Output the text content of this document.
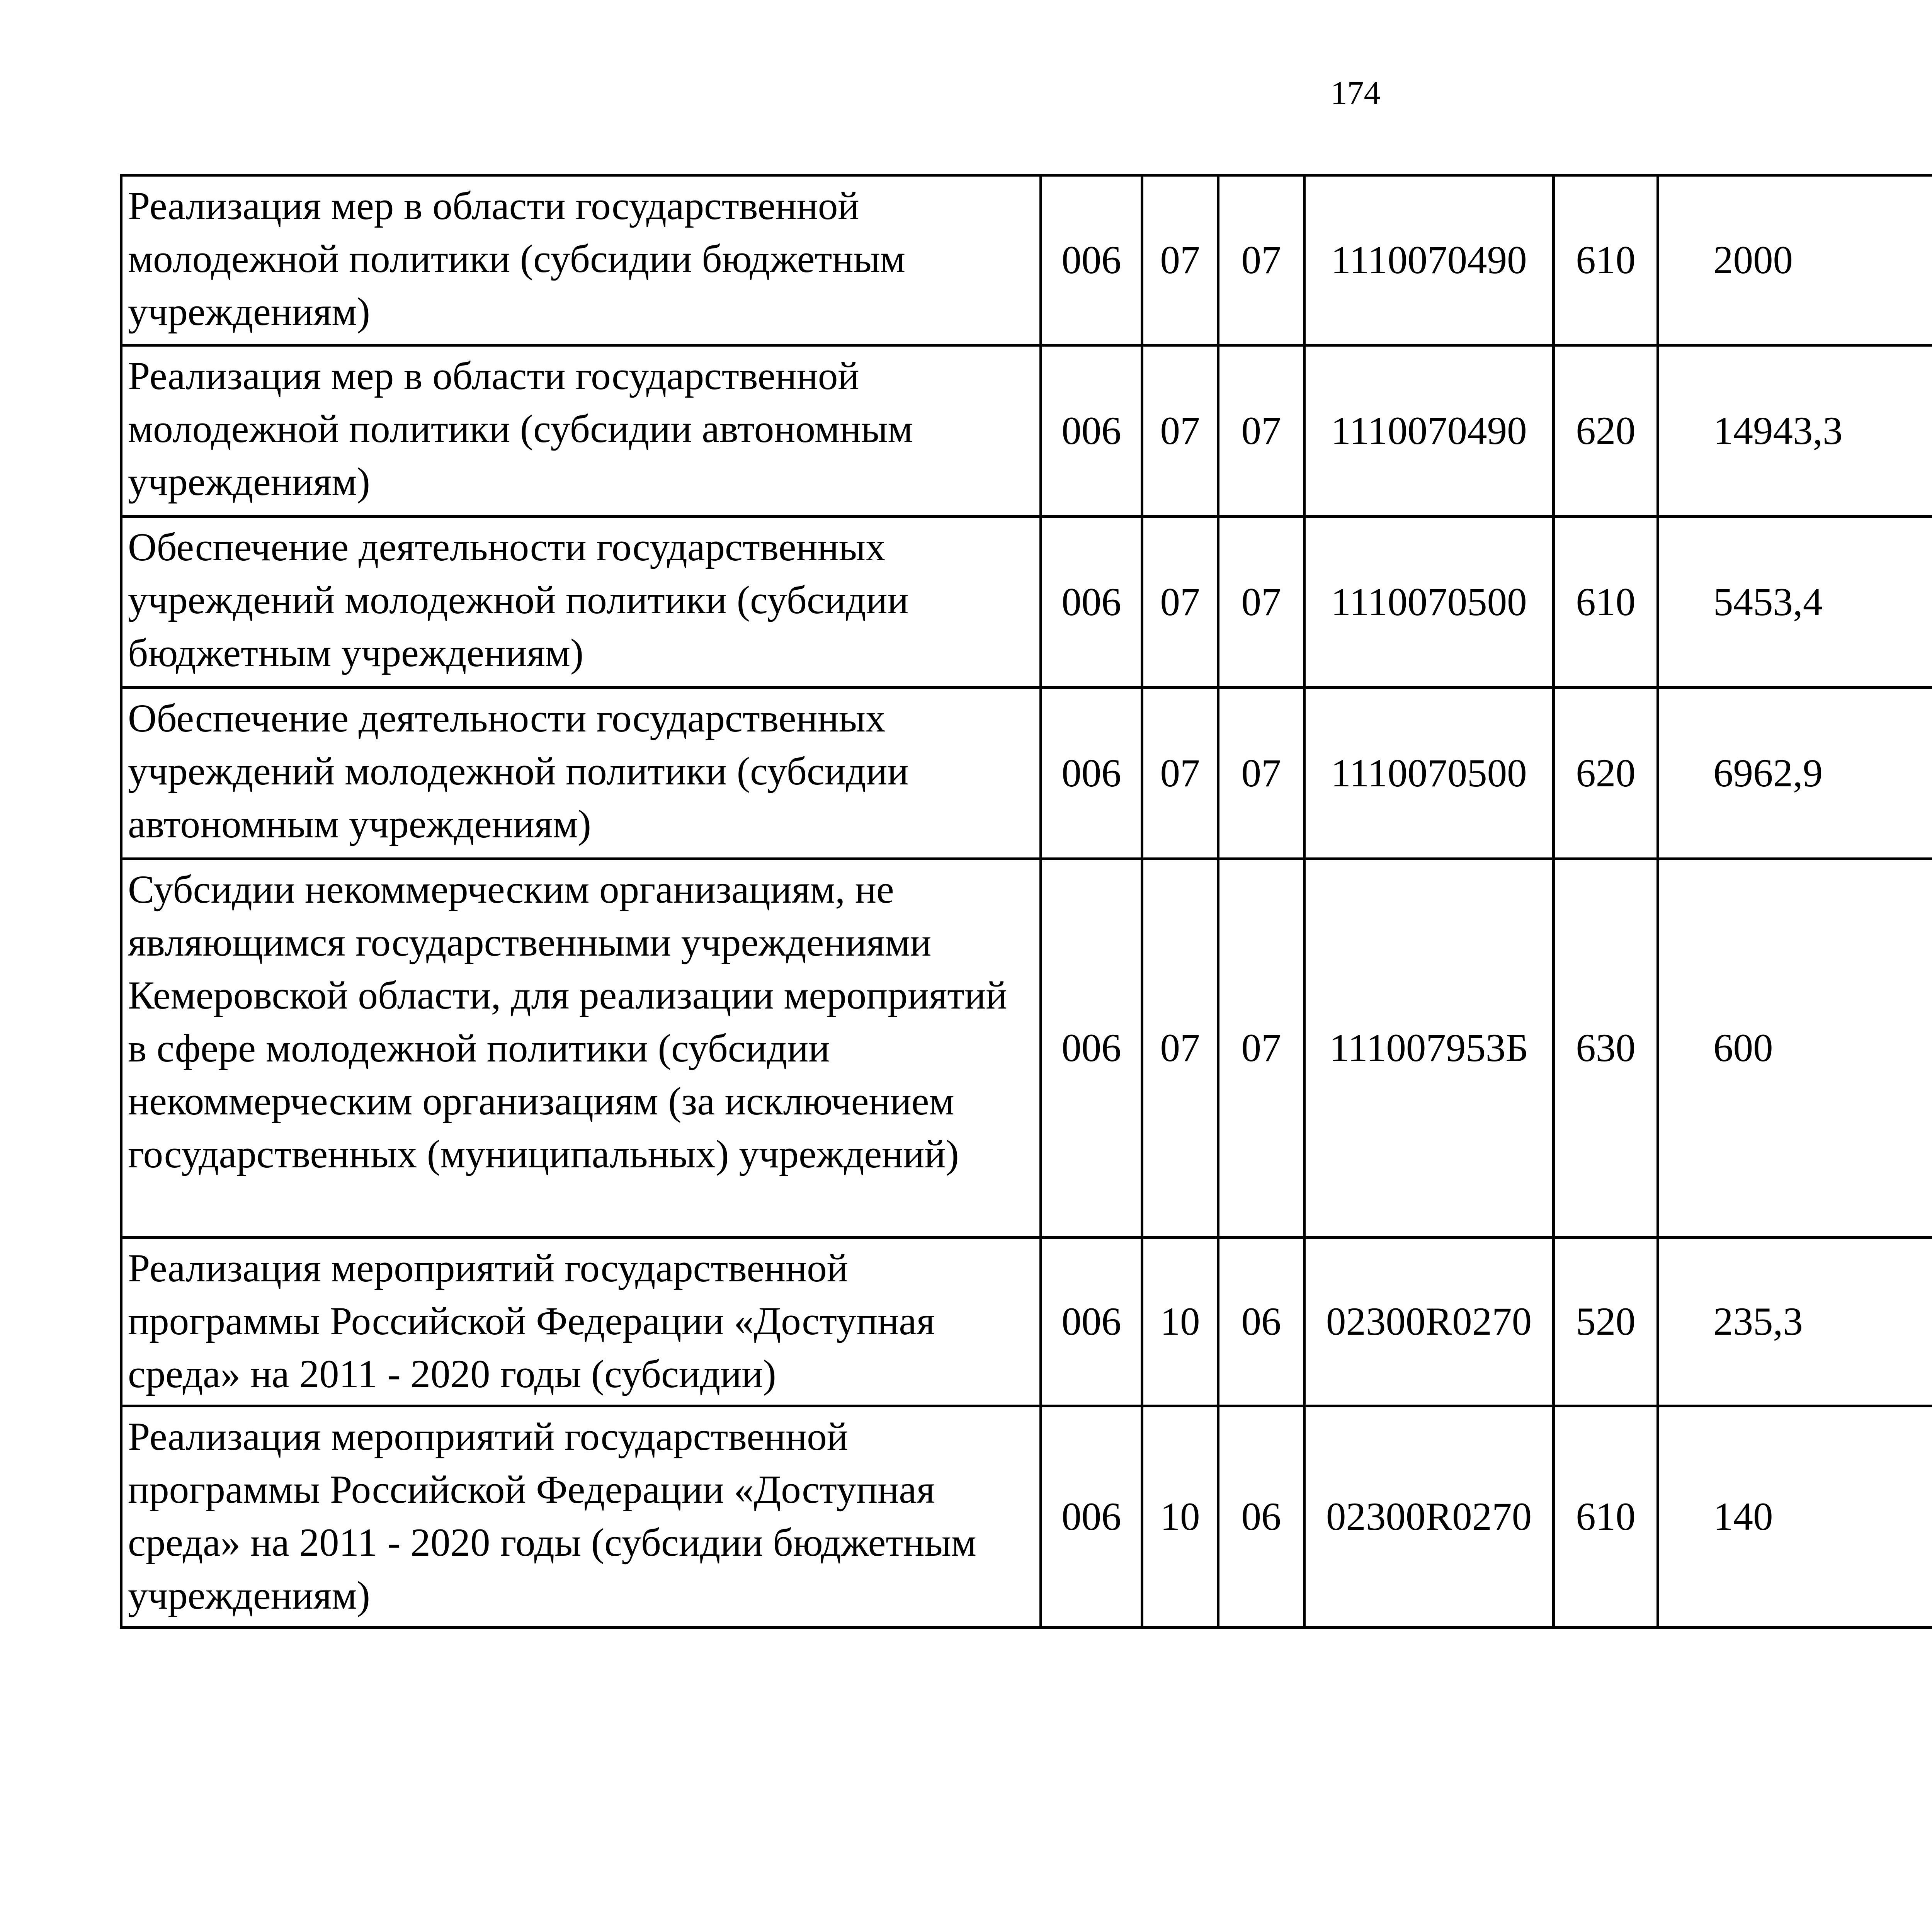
174
Реализация мер в области государственной молодежной политики (субсидии бюджетным учреждениям)	006	07	07	1110070490	610	2000		
Реализация мер в области государственной молодежной политики (субсидии автономным учреждениям)	006	07	07	1110070490	620	14943,3		
Обеспечение деятельности государственных учреждений молодежной политики (субсидии бюджетным учреждениям)	006	07	07	1110070500	610	5453,4		
Обеспечение деятельности государственных учреждений молодежной политики (субсидии автономным учреждениям)	006	07	07	1110070500	620	6962,9		
Субсидии некоммерческим организациям, не являющимся государственными учреждениями Кемеровской области, для реализации мероприятий в сфере молодежной политики (субсидии некоммерческим организациям (за исключением государственных (муниципальных) учреждений)	006	07	07	111007953Б	630	600		
Реализация мероприятий государственной программы Российской Федерации «Доступная среда» на 2011 - 2020 годы (субсидии)	006	10	06	02300R0270	520	235,3		
Реализация мероприятий государственной программы Российской Федерации «Доступная среда» на 2011 - 2020 годы (субсидии бюджетным учреждениям)	006	10	06	02300R0270	610	140		
